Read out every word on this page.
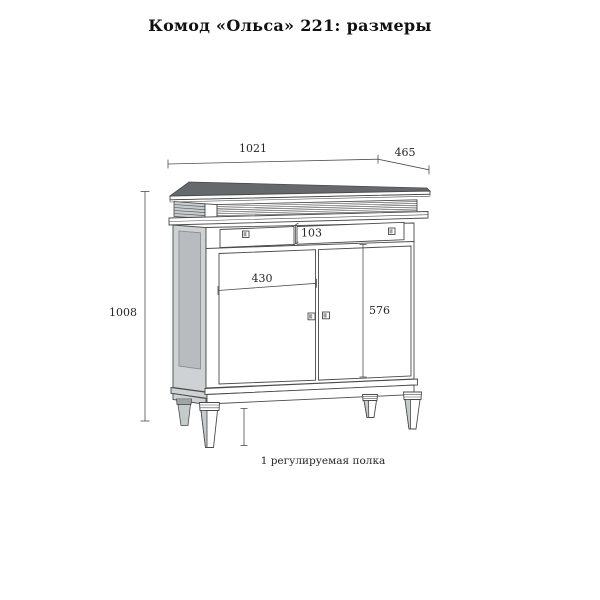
Комод «Ольса» 221: размеры
1021	465
1008
103
430
576
1 регулируемая полка
